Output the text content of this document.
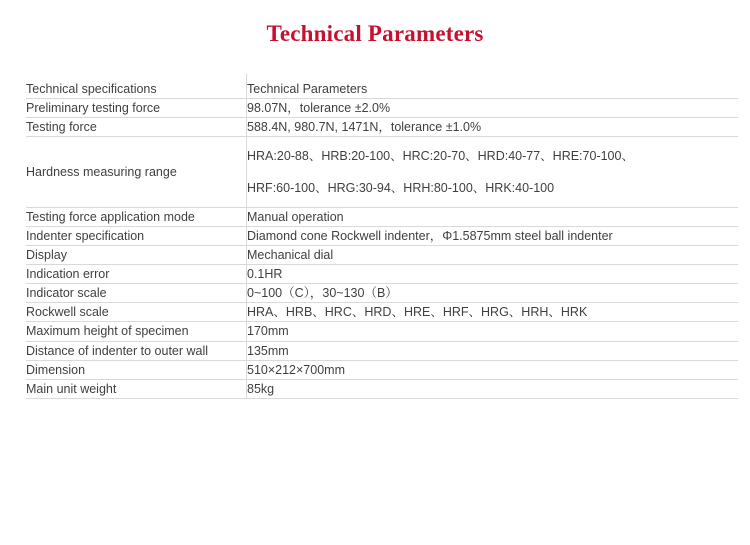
Technical Parameters
Technical specifications	Technical Parameters
Preliminary testing force	98.07N，tolerance ±2.0%
Testing force	588.4N, 980.7N, 1471N，tolerance ±1.0%
Hardness measuring range	HRA:20-88、HRB:20-100、HRC:20-70、HRD:40-77、HRE:70-100、
HRF:60-100、HRG:30-94、HRH:80-100、HRK:40-100

Testing force application mode	Manual operation
Indenter specification	Diamond cone Rockwell indenter，Φ1.5875mm steel ball indenter
Display	Mechanical dial
Indication error	0.1HR
Indicator scale	0~100（C），30~130（B）
Rockwell scale	HRA、HRB、HRC、HRD、HRE、HRF、HRG、HRH、HRK
Maximum height of specimen	170mm
Distance of indenter to outer wall	135mm
Dimension	510×212×700mm
Main unit weight	85kg
